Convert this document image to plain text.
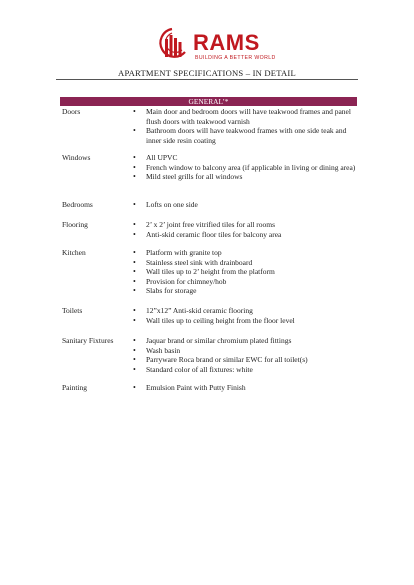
RAMS
BUILDING A BETTER WORLD
APARTMENT SPECIFICATIONS – IN DETAIL
GENERAL’*
Doors	• Main door and bedroom doors will have teakwood frames and panel flush doors with teakwood varnish
• Bathroom doors will have teakwood frames with one side teak and inner side resin coating
Windows	• All UPVC
• French window to balcony area (if applicable in living or dining area)
• Mild steel grills for all windows
Bedrooms	• Lofts on one side
Flooring	• 2’ x 2’ joint free vitrified tiles for all rooms
• Anti-skid ceramic floor tiles for balcony area
Kitchen	• Platform with granite top
• Stainless steel sink with drainboard
• Wall tiles up to 2’ height from the platform
• Provision for chimney/hob
• Slabs for storage
Toilets	• 12”x12” Anti-skid ceramic flooring
• Wall tiles up to ceiling height from the floor level
Sanitary Fixtures	• Jaquar brand or similar chromium plated fittings
• Wash basin
• Parryware Roca brand or similar EWC for all toilet(s)
• Standard color of all fixtures: white
Painting	• Emulsion Paint with Putty Finish
